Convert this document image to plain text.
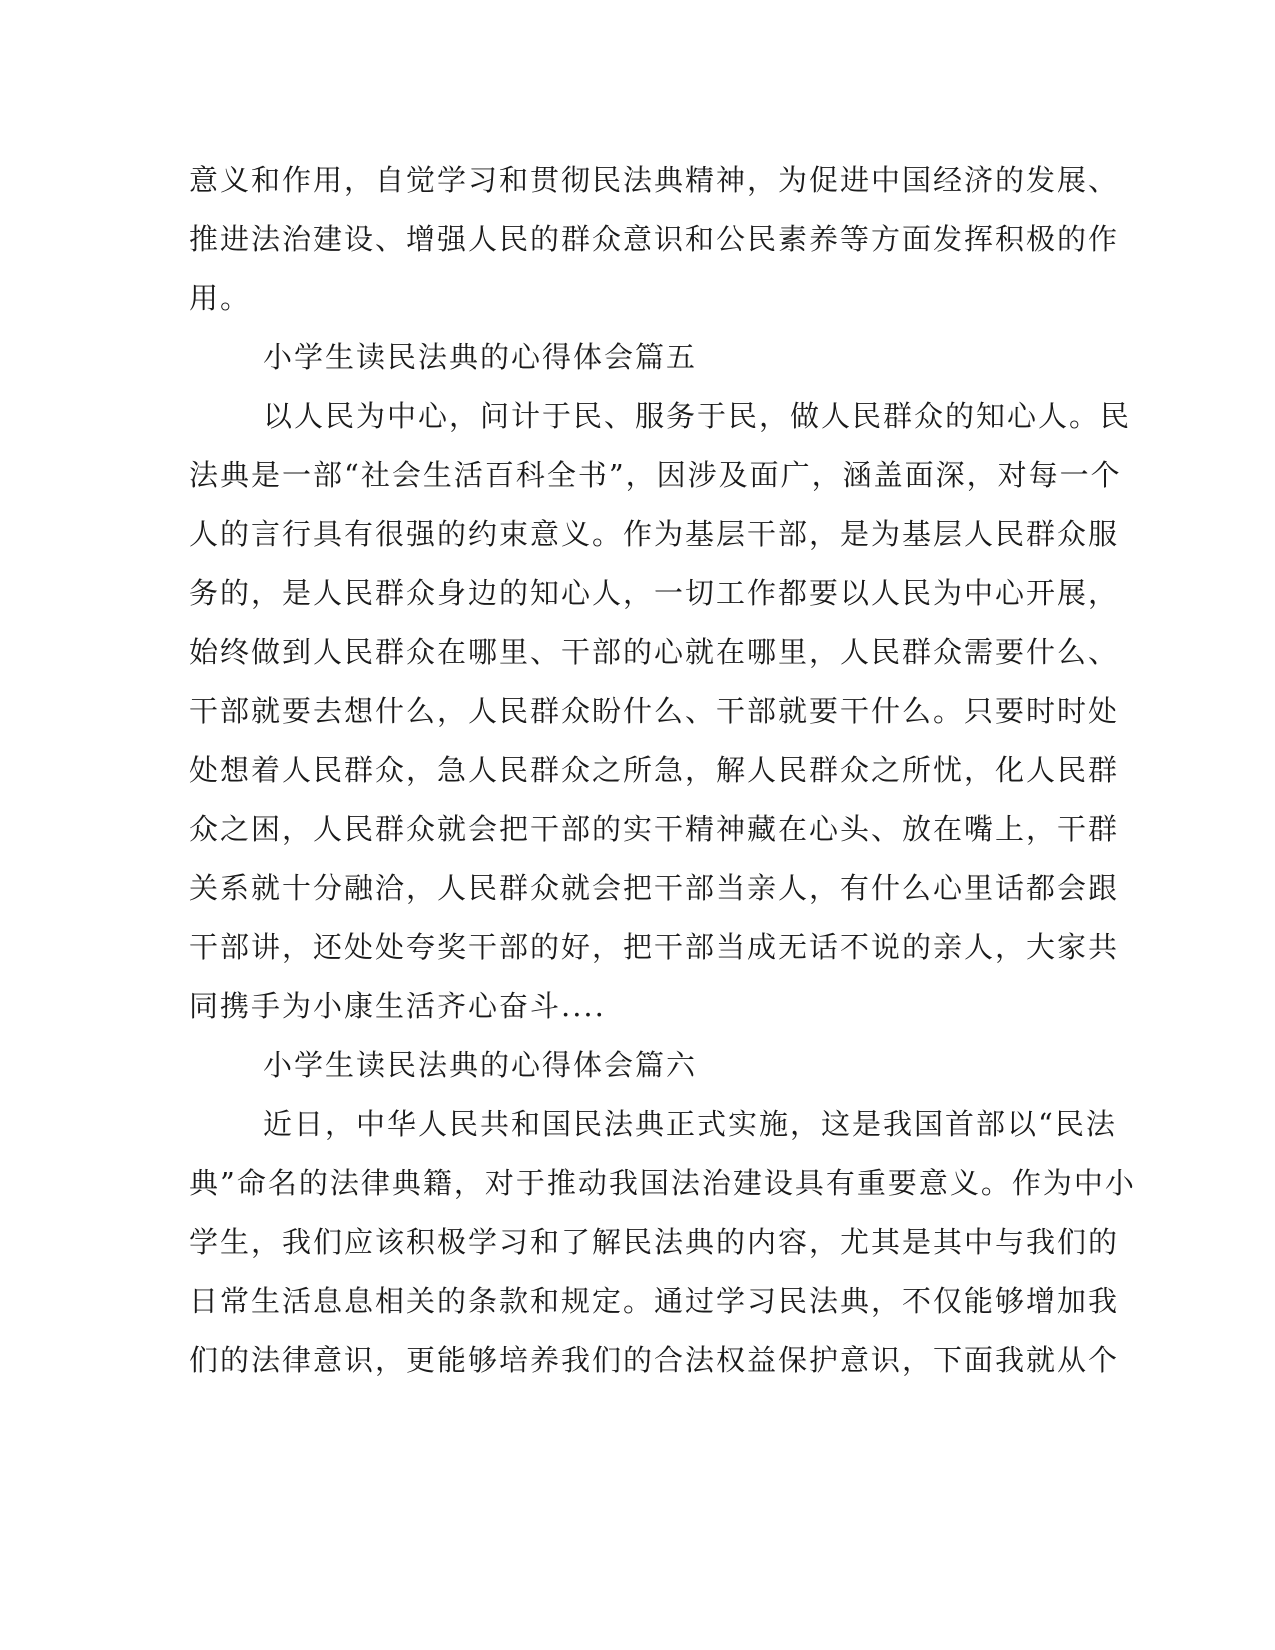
意义和作用，自觉学习和贯彻民法典精神，为促进中国经济的发展、
推进法治建设、增强人民的群众意识和公民素养等方面发挥积极的作
用。
小学生读民法典的心得体会篇五
以人民为中心，问计于民、服务于民，做人民群众的知心人。民
法典是一部“社会生活百科全书”，因涉及面广，涵盖面深，对每一个
人的言行具有很强的约束意义。作为基层干部，是为基层人民群众服
务的，是人民群众身边的知心人，一切工作都要以人民为中心开展，
始终做到人民群众在哪里、干部的心就在哪里，人民群众需要什么、
干部就要去想什么，人民群众盼什么、干部就要干什么。只要时时处
处想着人民群众，急人民群众之所急，解人民群众之所忧，化人民群
众之困，人民群众就会把干部的实干精神藏在心头、放在嘴上，干群
关系就十分融洽，人民群众就会把干部当亲人，有什么心里话都会跟
干部讲，还处处夸奖干部的好，把干部当成无话不说的亲人，大家共
同携手为小康生活齐心奋斗....
小学生读民法典的心得体会篇六
近日，中华人民共和国民法典正式实施，这是我国首部以“民法
典”命名的法律典籍，对于推动我国法治建设具有重要意义。作为中小
学生，我们应该积极学习和了解民法典的内容，尤其是其中与我们的
日常生活息息相关的条款和规定。通过学习民法典，不仅能够增加我
们的法律意识，更能够培养我们的合法权益保护意识，下面我就从个
